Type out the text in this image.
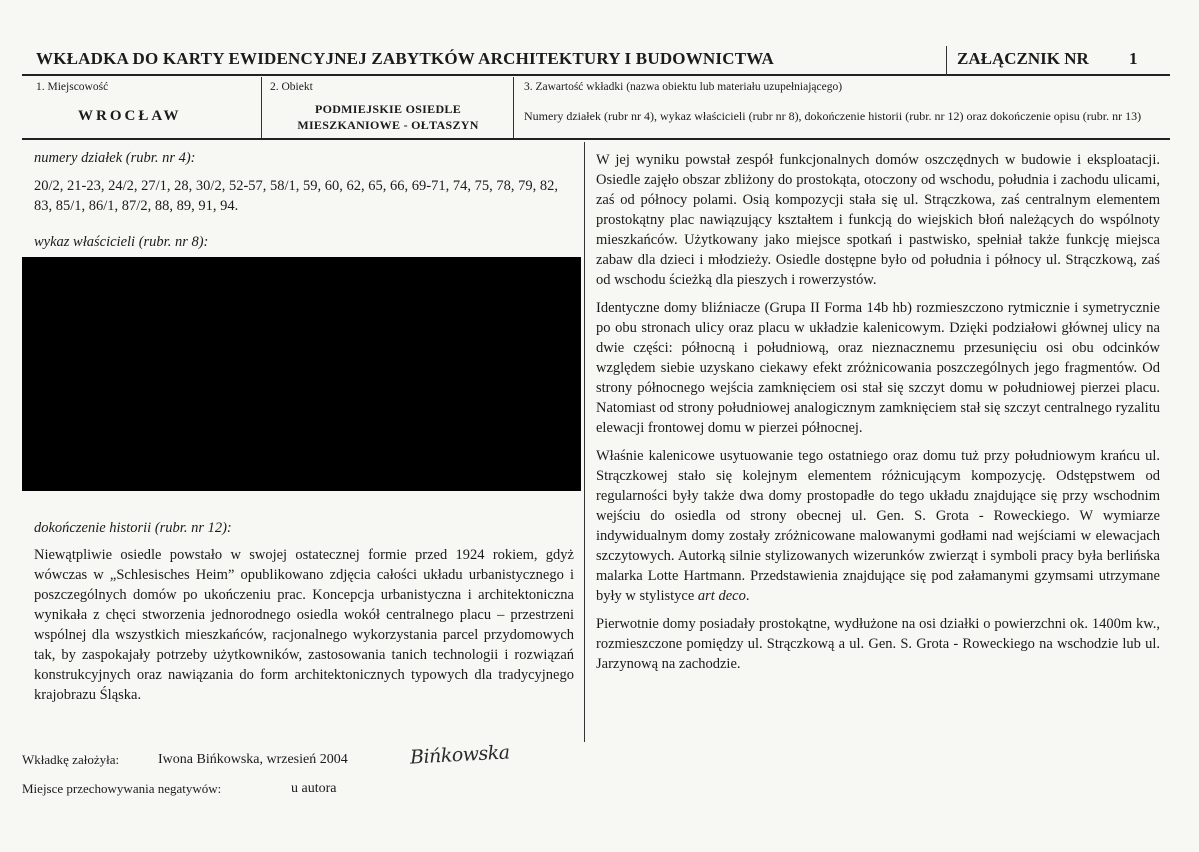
WKŁADKA DO KARTY EWIDENCYJNEJ ZABYTKÓW ARCHITEKTURY I BUDOWNICTWA	ZAŁĄCZNIK NR 1
1. Miejscowość
WROCŁAW
2. Obiekt
PODMIEJSKIE OSIEDLE
MIESZKANIOWE - OŁTASZYN
3. Zawartość wkładki (nazwa obiektu lub materiału uzupełniającego)
Numery działek (rubr nr 4), wykaz właścicieli (rubr nr 8), dokończenie historii (rubr. nr 12) oraz dokończenie opisu (rubr. nr 13)
numery działek (rubr. nr 4):
20/2, 21-23, 24/2, 27/1, 28, 30/2, 52-57, 58/1, 59, 60, 62, 65, 66, 69-71, 74, 75, 78, 79, 82, 83, 85/1, 86/1, 87/2, 88, 89, 91, 94.
wykaz właścicieli (rubr. nr 8):
dokończenie historii (rubr. nr 12):
Niewątpliwie osiedle powstało w swojej ostatecznej formie przed 1924 rokiem, gdyż wówczas w „Schlesisches Heim” opublikowano zdjęcia całości układu urbanistycznego i poszczególnych domów po ukończeniu prac. Koncepcja urbanistyczna i architektoniczna wynikała z chęci stworzenia jednorodnego osiedla wokół centralnego placu – przestrzeni wspólnej dla wszystkich mieszkańców, racjonalnego wykorzystania parcel przydomowych tak, by zaspokajały potrzeby użytkowników, zastosowania tanich technologii i rozwiązań konstrukcyjnych oraz nawiązania do form architektonicznych typowych dla tradycyjnego krajobrazu Śląska.

W jej wyniku powstał zespół funkcjonalnych domów oszczędnych w budowie i eksploatacji. Osiedle zajęło obszar zbliżony do prostokąta, otoczony od wschodu, południa i zachodu ulicami, zaś od północy polami. Osią kompozycji stała się ul. Strączkowa, zaś centralnym elementem prostokątny plac nawiązujący kształtem i funkcją do wiejskich błoń należących do wspólnoty mieszkańców. Użytkowany jako miejsce spotkań i pastwisko, spełniał także funkcję miejsca zabaw dla dzieci i młodzieży. Osiedle dostępne było od południa i północy ul. Strączkową, zaś od wschodu ścieżką dla pieszych i rowerzystów.

Identyczne domy bliźniacze (Grupa II Forma 14b hb) rozmieszczono rytmicznie i symetrycznie po obu stronach ulicy oraz placu w układzie kalenicowym. Dzięki podziałowi głównej ulicy na dwie części: północną i południową, oraz nieznacznemu przesunięciu osi obu odcinków względem siebie uzyskano ciekawy efekt zróżnicowania poszczególnych jego fragmentów. Od strony północnego wejścia zamknięciem osi stał się szczyt domu w południowej pierzei placu. Natomiast od strony południowej analogicznym zamknięciem stał się szczyt centralnego ryzalitu elewacji frontowej domu w pierzei północnej.

Właśnie kalenicowe usytuowanie tego ostatniego oraz domu tuż przy południowym krańcu ul. Strączkowej stało się kolejnym elementem różnicującym kompozycję. Odstępstwem od regularności były także dwa domy prostopadłe do tego układu znajdujące się przy wschodnim wejściu do osiedla od strony obecnej ul. Gen. S. Grota - Roweckiego. W wymiarze indywidualnym domy zostały zróżnicowane malowanymi godłami nad wejściami w elewacjach szczytowych. Autorką silnie stylizowanych wizerunków zwierząt i symboli pracy była berlińska malarka Lotte Hartmann. Przedstawienia znajdujące się pod załamanymi gzymsami utrzymane były w stylistyce art deco.

Pierwotnie domy posiadały prostokątne, wydłużone na osi działki o powierzchni ok. 1400m kw., rozmieszczone pomiędzy ul. Strączkową a ul. Gen. S. Grota - Roweckiego na wschodzie lub ul. Jarzynową na zachodzie.

Wkładkę założyła:	Iwona Bińkowska, wrzesień 2004	Bińkowska
Miejsce przechowywania negatywów:	u autora
